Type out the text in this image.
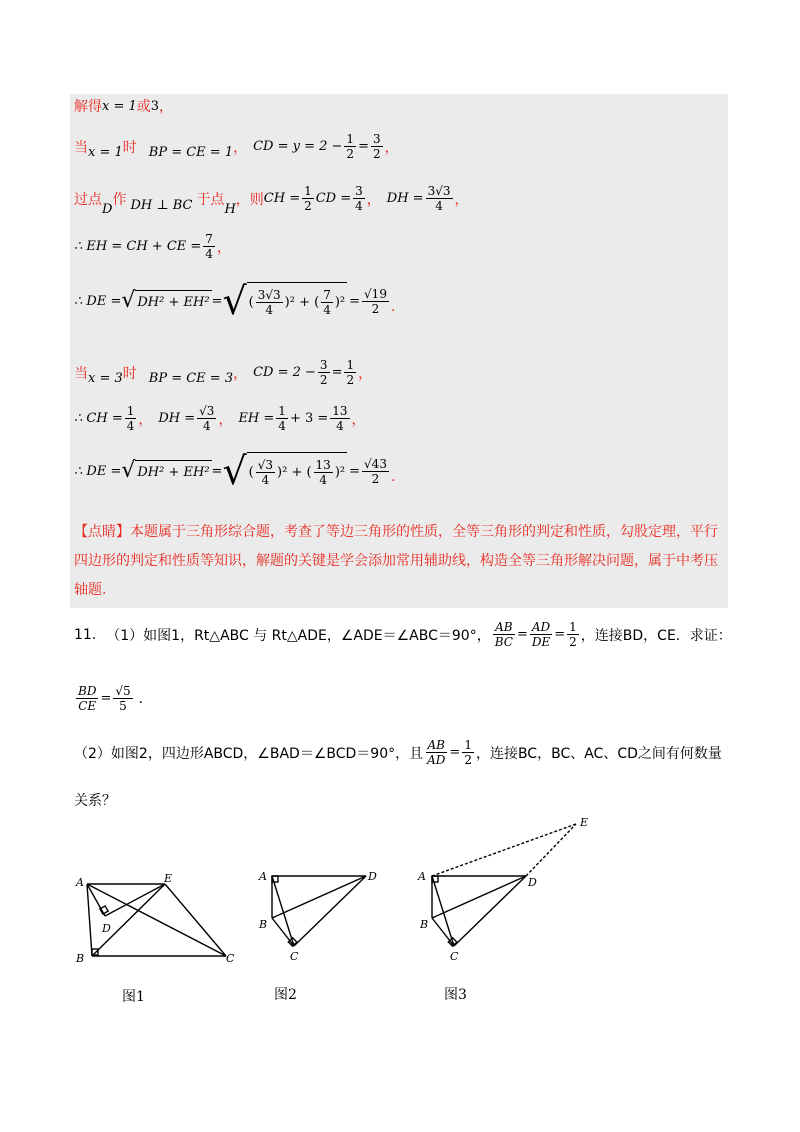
解得 x = 1 或 3 ，
当 x = 1 时 BP = CE = 1 ， CD = $y = 2 - \frac{1}{2} = \frac{3}{2}$ ，
过点
D
作 DH ⊥ BC 于点
H
，则 CH = $\frac{1}{2}$ CD = $\frac{3}{4}$ ， DH = $\frac{3√3}{4}$ ，
∴ EH = CH + CE = $\frac{7}{4}$ ，
∴ DE = √ DH² + EH² = √ ( $\frac{3√3}{4} )^2$ + ( $\frac{7}{4} )^2 = \frac{√19}{2}$ .
当 x = 3 时 BP = CE = 3 ， CD = $2 - \frac{3}{2} = \frac{1}{2}$ ，
∴ CH = $\frac{1}{4}$ ， DH = $\frac{√3}{4}$ ， EH = $\frac{1}{4} + 3 = \frac{13}{4}$ ，
∴ DE = √ DH² + EH² = √ ( $\frac{√3}{4} )^2$ + ( $\frac{13}{4} )^2 = \frac{√43}{2}$ .
【点睛】本题属于三角形综合题，考查了等边三角形的性质，全等三角形的判定和性质，勾股定理，平行四边形的判定和性质等知识，解题的关键是学会添加常用辅助线，构造全等三角形解决问题，属于中考压轴题.
11. （1）如图1，Rt△ABC 与 Rt△ADE，∠ADE＝∠ABC＝90°， $\frac{AB}{BC} = \frac{AD}{DE} = \frac{1}{2}$ ，连接BD，CE．求证：
$\frac{BD}{CE} = \frac{√5}{5}$ .
（2）如图2，四边形ABCD，∠BAD＝∠BCD＝90°，且 $\frac{AB}{AD} = \frac{1}{2}$ ，连接BC，BC、AC、CD之间有何数量
关系？
A
B	C
D
E
图1
A
B
C
D
图2
A
B
C
D
E
图3
